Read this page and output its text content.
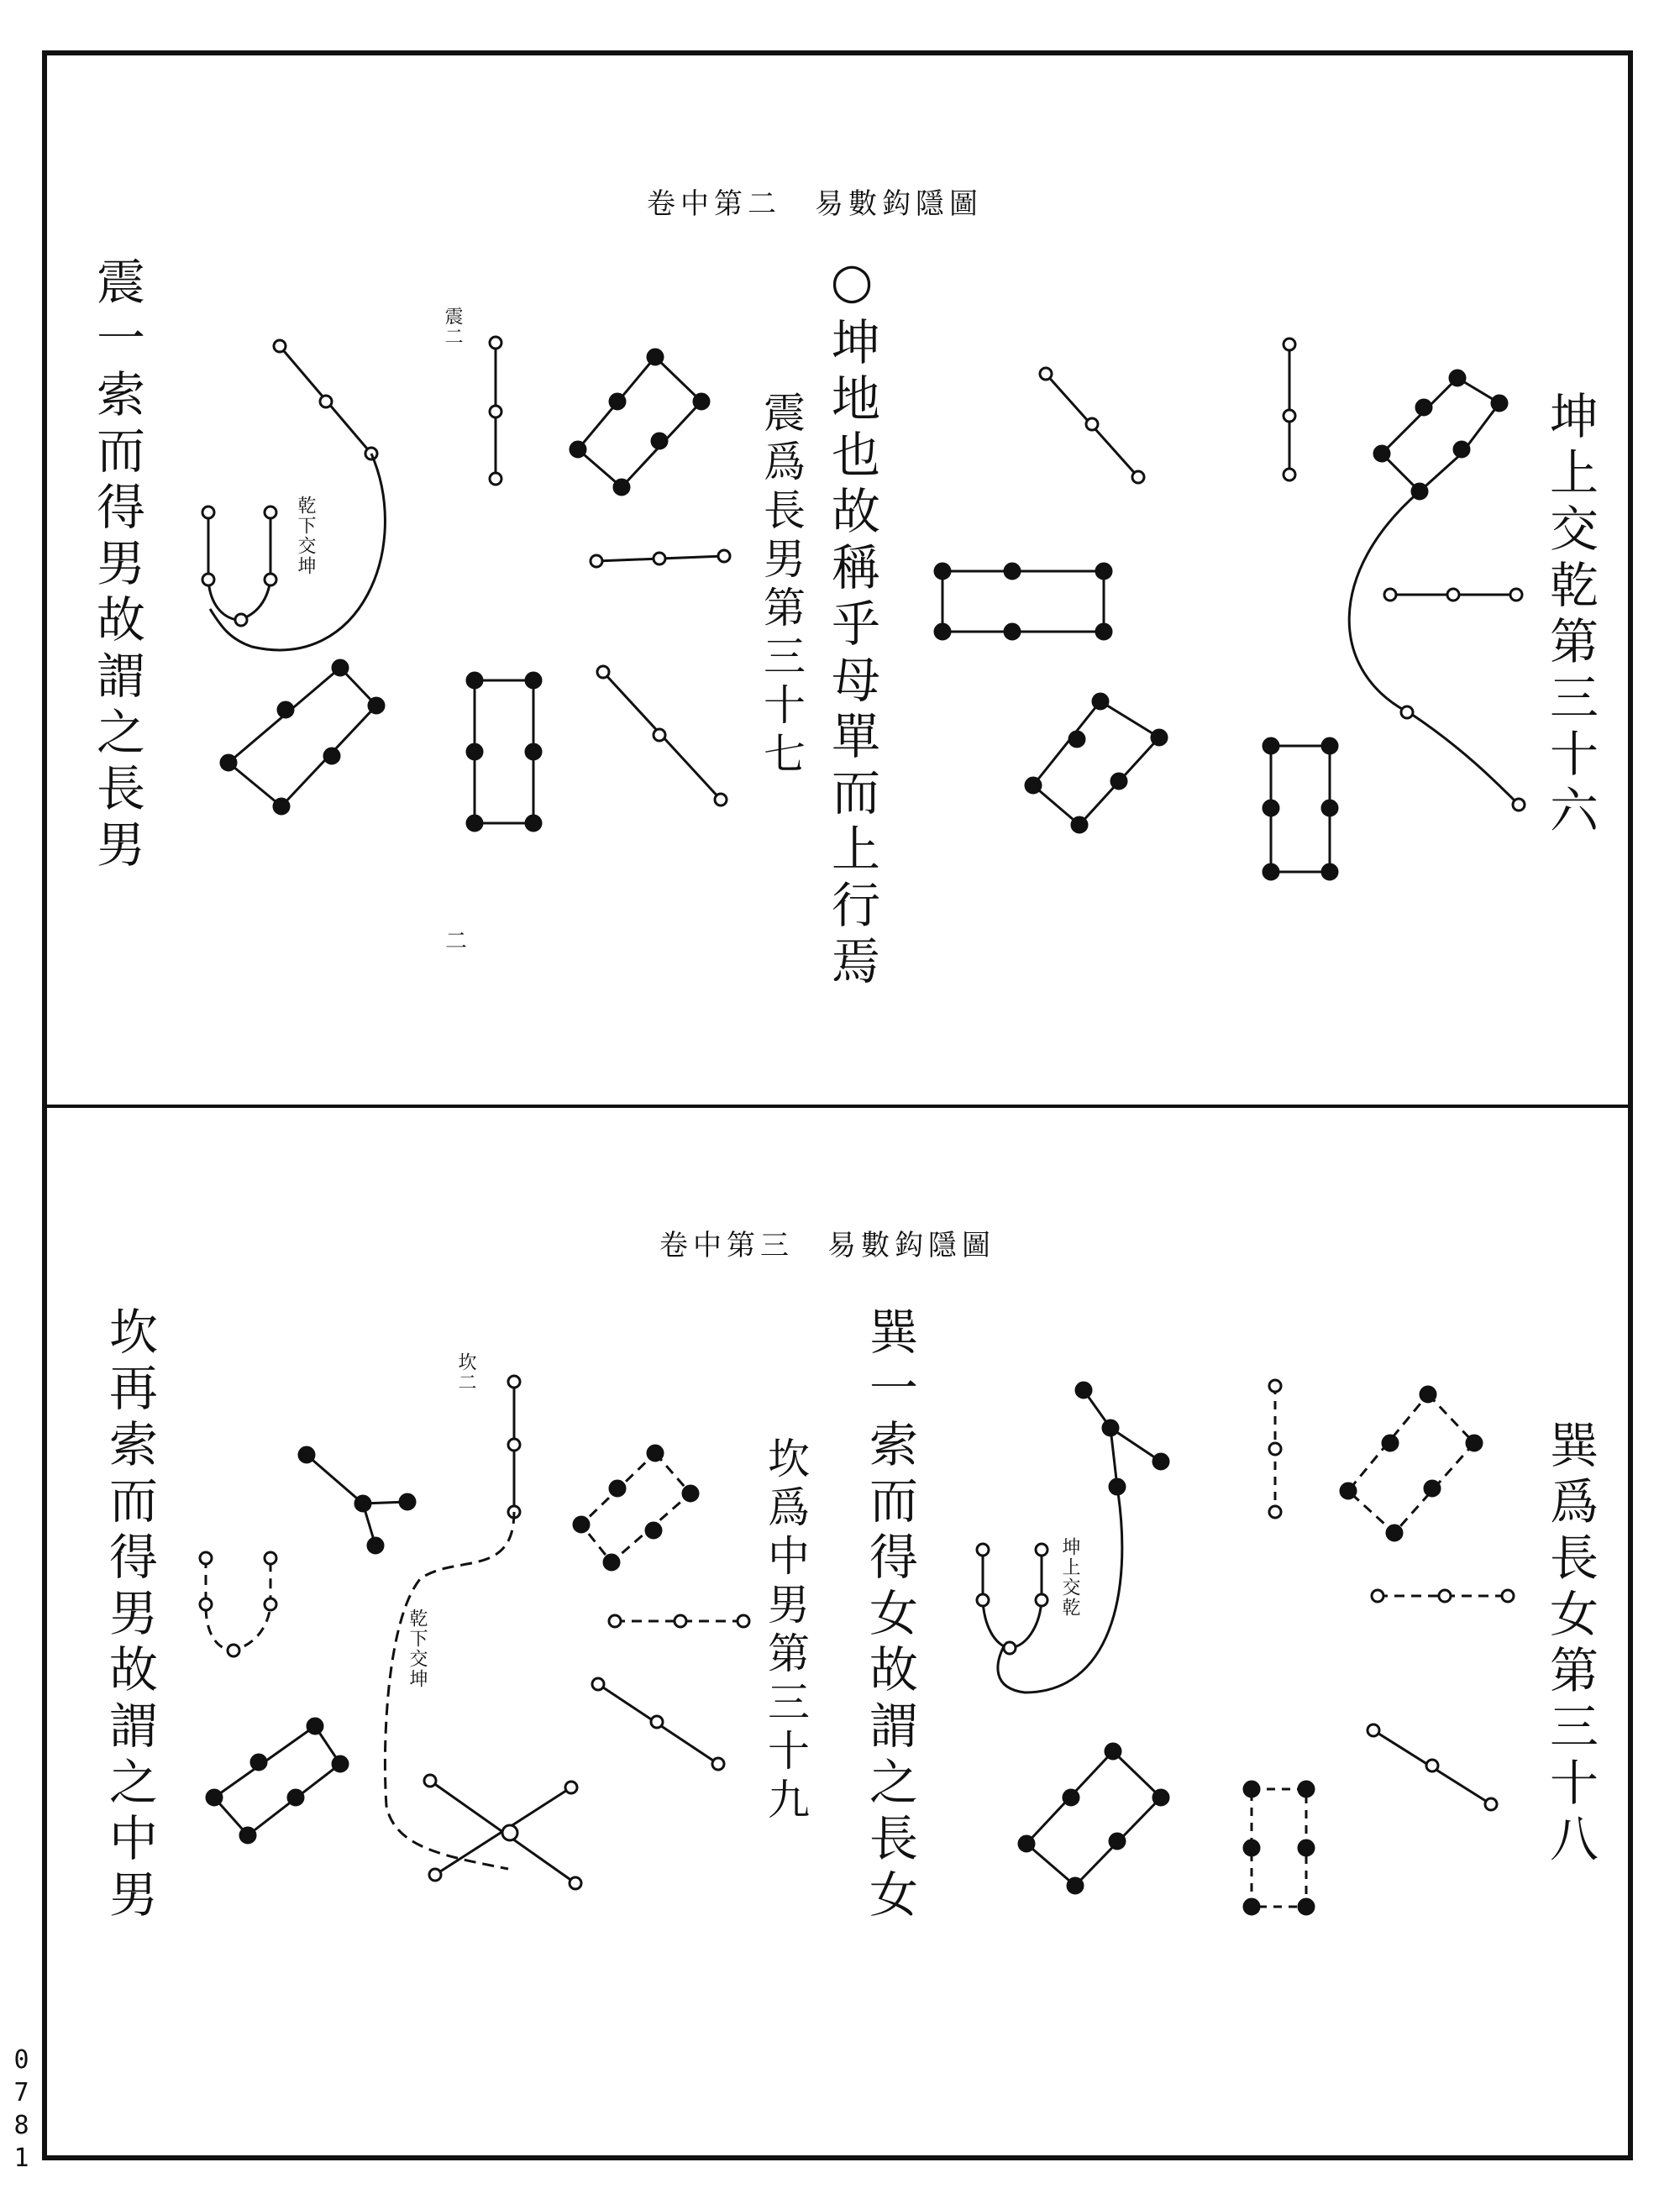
卷中第二 易數鈎隱圖
坤上交乾第三十六
○坤地也故稱乎母單而上行焉
震爲長男第三十七
震一索而得男故謂之長男	乾下交坤
震二
二
卷中第三 易數鈎隱圖
巽爲長女第三十八
巽一索而得女故謂之長女
坎爲中男第三十九
坎再索而得男故謂之中男	坤上交乾
乾下交坤
坎二
0781
